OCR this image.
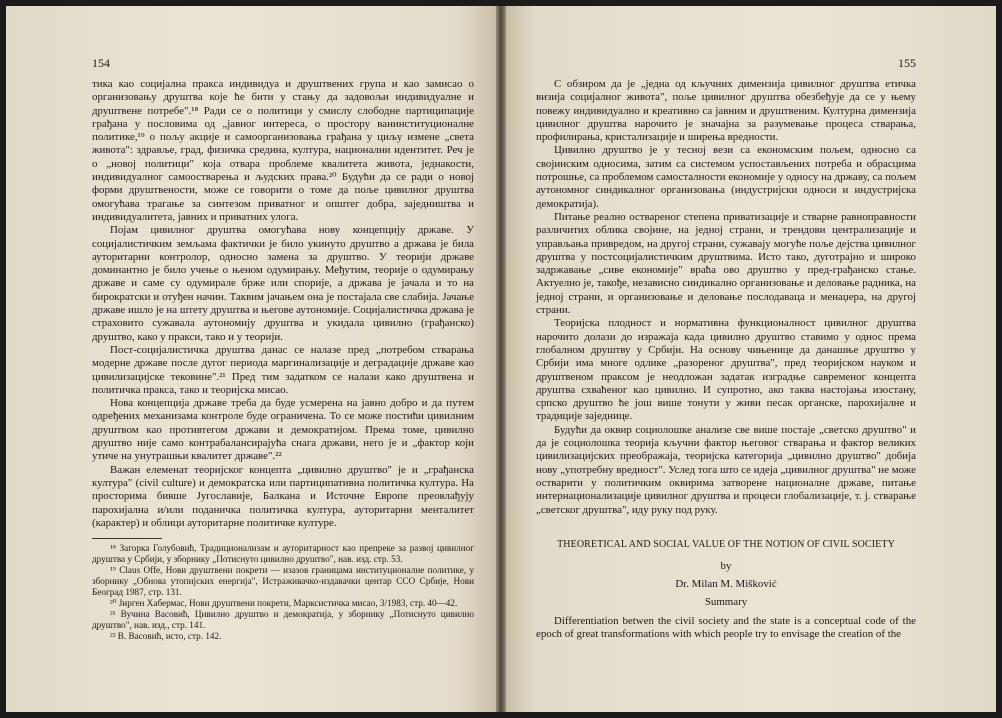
154

тика као социјална пракса индивидуа и друштвених група и као замисао о организовању друштва које ће бити у стању да задовољи индивидуалне и друштвене потребе".¹⁸ Ради се о политици у смислу слободне партиципације грађана у пословима од „јавног интереса, о простору ванинституционалне политике,¹⁹ о пољу акције и самоорганизовања грађана у циљу измене „света живота": здравље, град, физичка средина, култура, национални идентитет. Реч је о „новој политици" која отвара проблеме квалитета живота, једнакости, индивидуалног самоостварења и људских права.²⁰ Будући да се ради о новој форми друштвености, може се говорити о томе да поље цивилног друштва омогућава трагање за синтезом приватног и општег добра, заједништва и индивидуалитета, јавних и приватних улога.

Појам цивилног друштва омогућава нову концепцију државе. У социјалистичким земљама фактички је било укинуто друштво а држава је била ауторитарни контролор, односно замена за друштво. У теорији државе доминантно је било учење о њеном одумирању. Међутим, теорије о одумирању државе и саме су одумирале брже или спорије, а држава је јачала и то на бирократски и отуђен начин. Таквим јачањем она је постајала све слабија. Јачање државе ишло је на штету друштва и његове аутономије. Социјалистичка држава је страховито сужавала аутономију друштва и укидала цивилно (грађанско) друштво, како у пракси, тако и у теорији.

Пост-социјалистичка друштва данас се налазе пред „потребом стварања модерне државе после дугог периода маргинализације и деградације државе као цивилизацијске тековине".²¹ Пред тим задатком се налази како друштвена и политичка пракса, тако и теоријска мисао.

Нова концепција државе треба да буде усмерена на јавно добро и да путем одређених механизама контроле буде ограничена. То се може постићи цивилним друштвом као противтегом држави и демократијом. Према томе, цивилно друштво није само контрабалансирајућа снага држави, него је и „фактор који утиче на унутрашњи квалитет државе".²²

Важан елеменат теоријског концепта „цивилно друштво" је и „грађанска култура" (civil culture) и демократска или партиципативна политичка култура. На просторима бивше Југославије, Балкана и Источне Европе преовлађују парохијална и/или поданичка политичка култура, ауторитарни менталитет (карактер) и облици ауторитарне политичке културе.

¹⁸ Загорка Голубовић, Традиционализам и ауторитарност као препреке за развој цивилног друштва у Србији, у зборнику „Потиснуто цивилно друштво", нав. изд. стр. 53.

¹⁹ Claus Offe, Нови друштвени покрети — изазов границама институционалне политике, у зборнику „Обнова утопијских енергија", Истраживачко-издавачки центар ССО Србије, Нови Београд 1987, стр. 131.

²⁰ Јирген Хабермас, Нови друштвени покрети, Марксистичка мисао, 3/1983, стр. 40—42.

²¹ Вучина Васовић, Цивилно друштво и демократија, у зборнику „Потиснуто цивилно друштво", нав. изд., стр. 141.

²² В. Васовић, исто, стр. 142.

155

С обзиром да је „једна од кључних димензија цивилног друштва етичка визија социјалног живота", поље цивилног друштва обезбеђује да се у њему повежу индивидуално и креативно са јавним и друштвеним. Културна димензија цивилног друштва нарочито је значајна за разумевање процеса стварања, профилирања, кристализације и ширења вредности.

Цивилно друштво је у тесној вези са економским пољем, односно са својинским односима, затим са системом успостављених потреба и обрасцима потрошње, са проблемом самосталности економије у односу на државу, са пољем аутономног синдикалног организовања (индустријски односи и индустријска демократија).

Питање реално оствареног степена приватизације и стварне равноправности различитих облика својине, на једној страни, и трендови централизације и управљања привредом, на другој страни, сужавају могуће поље дејства цивилног друштва у постсоцијалистичким друштвима. Исто тако, дуготрајно и широко задржавање „сиве економије" враћа ово друштво у пред-грађанско стање. Актуелно је, такође, независно синдикално организовање и деловање радника, на једној страни, и организовање и деловање послодаваца и менаџера, на другој страни.

Теоријска плодност и нормативна функционалност цивилног друштва нарочито долази до изражаја када цивилно друштво ставимо у однос према глобалном друштву у Србији. На основу чињенице да данашње друштво у Србији има многе одлике „разореног друштва", пред теоријском науком и друштвеном праксом је неодложан задатак изградње савременог концепта друштва схваћеног као цивилно. И супротно, ако таква настојања изостану, српско друштво ће још више тонути у живи песак органске, парохијалне и традиције заједнице.

Будући да оквир социолошке анализе све више постаје „светско друштво" и да је социолошка теорија кључни фактор његовог стварања и фактор великих цивилизацијских преображаја, теоријска категорија „цивилно друштво" добија нову „употребну вредност". Услед тога што се идеја „цивилног друштва" не може остварити у политичким оквирима затворене националне државе, питање интернационализације цивилног друштва и процеси глобализације, т. ј. стварање „светског друштва", иду руку под руку.

THEORETICAL AND SOCIAL VALUE OF THE NOTION OF CIVIL SOCIETY
by
Dr. Milan M. Mišković
Summary

Differentiation betwen the civil society and the state is a conceptual code of the epoch of great transformations with which people try to envisage the creation of the
